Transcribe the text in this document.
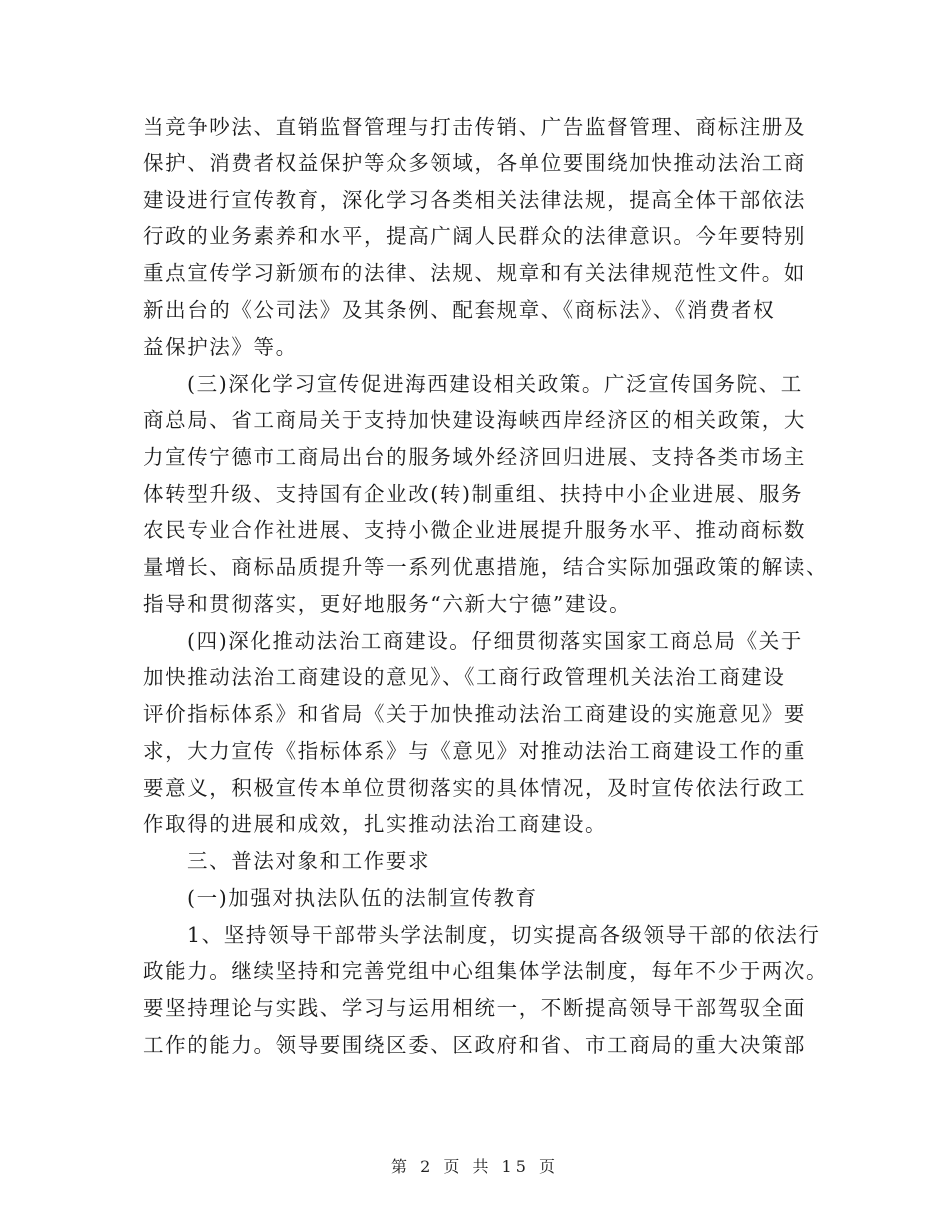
当竞争吵法、直销监督管理与打击传销、广告监督管理、商标注册及
保护、消费者权益保护等众多领域，各单位要围绕加快推动法治工商
建设进行宣传教育，深化学习各类相关法律法规，提高全体干部依法
行政的业务素养和水平，提高广阔人民群众的法律意识。今年要特别
重点宣传学习新颁布的法律、法规、规章和有关法律规范性文件。如
新出台的《公司法》及其条例、配套规章、《商标法》、《消费者权
益保护法》等。
(三)深化学习宣传促进海西建设相关政策。广泛宣传国务院、工
商总局、省工商局关于支持加快建设海峡西岸经济区的相关政策，大
力宣传宁德市工商局出台的服务域外经济回归进展、支持各类市场主
体转型升级、支持国有企业改(转)制重组、扶持中小企业进展、服务
农民专业合作社进展、支持小微企业进展提升服务水平、推动商标数
量增长、商标品质提升等一系列优惠措施，结合实际加强政策的解读、
指导和贯彻落实，更好地服务“六新大宁德”建设。
(四)深化推动法治工商建设。仔细贯彻落实国家工商总局《关于
加快推动法治工商建设的意见》、《工商行政管理机关法治工商建设
评价指标体系》和省局《关于加快推动法治工商建设的实施意见》要
求，大力宣传《指标体系》与《意见》对推动法治工商建设工作的重
要意义，积极宣传本单位贯彻落实的具体情况，及时宣传依法行政工
作取得的进展和成效，扎实推动法治工商建设。
三、普法对象和工作要求
(一)加强对执法队伍的法制宣传教育
1、坚持领导干部带头学法制度，切实提高各级领导干部的依法行
政能力。继续坚持和完善党组中心组集体学法制度，每年不少于两次。
要坚持理论与实践、学习与运用相统一，不断提高领导干部驾驭全面
工作的能力。领导要围绕区委、区政府和省、市工商局的重大决策部
第 2 页 共 15 页
